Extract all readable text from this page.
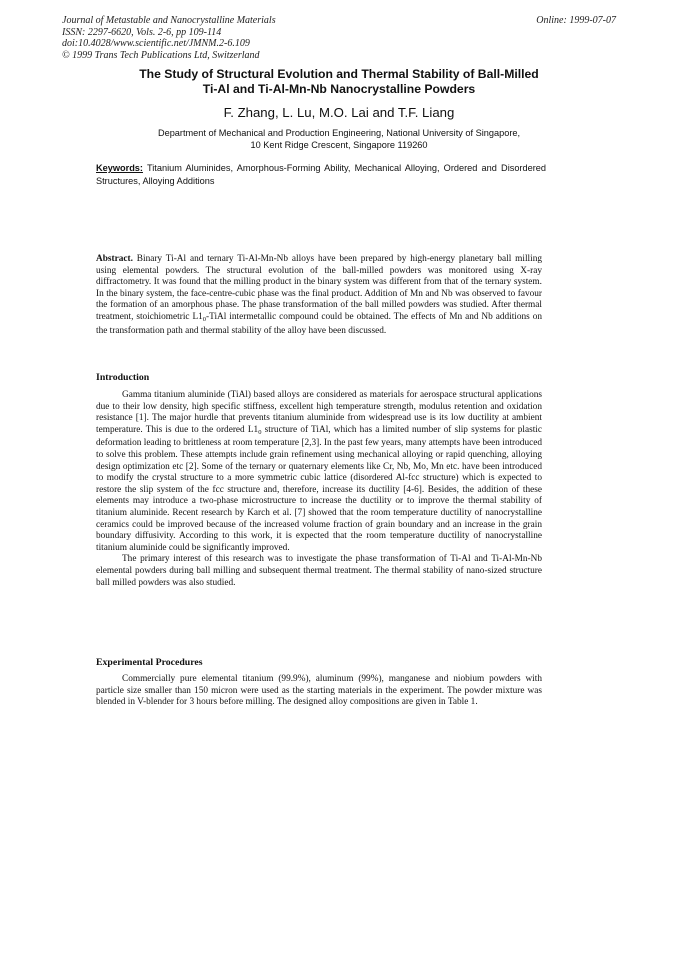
Journal of Metastable and Nanocrystalline Materials
ISSN: 2297-6620, Vols. 2-6, pp 109-114
doi:10.4028/www.scientific.net/JMNM.2-6.109
© 1999 Trans Tech Publications Ltd, Switzerland
Online: 1999-07-07
The Study of Structural Evolution and Thermal Stability of Ball-Milled
Ti-Al and Ti-Al-Mn-Nb Nanocrystalline Powders
F. Zhang, L. Lu, M.O. Lai and T.F. Liang
Department of Mechanical and Production Engineering, National University of Singapore,
10 Kent Ridge Crescent, Singapore 119260
Keywords: Titanium Aluminides, Amorphous-Forming Ability, Mechanical Alloying, Ordered and Disordered Structures, Alloying Additions
Abstract. Binary Ti-Al and ternary Ti-Al-Mn-Nb alloys have been prepared by high-energy planetary ball milling using elemental powders. The structural evolution of the ball-milled powders was monitored using X-ray diffractometry. It was found that the milling product in the binary system was different from that of the ternary system. In the binary system, the face-centre-cubic phase was the final product. Addition of Mn and Nb was observed to favour the formation of an amorphous phase. The phase transformation of the ball milled powders was studied. After thermal treatment, stoichiometric $L1_0$-TiAl intermetallic compound could be obtained. The effects of Mn and Nb additions on the transformation path and thermal stability of the alloy have been discussed.
Introduction

Gamma titanium aluminide (TiAl) based alloys are considered as materials for aerospace structural applications due to their low density, high specific stiffness, excellent high temperature strength, modulus retention and oxidation resistance [1]. The major hurdle that prevents titanium aluminide from widespread use is its low ductility at ambient temperature. This is due to the ordered $L1_0$ structure of TiAl, which has a limited number of slip systems for plastic deformation leading to brittleness at room temperature [2,3]. In the past few years, many attempts have been introduced to solve this problem. These attempts include grain refinement using mechanical alloying or rapid quenching, alloying design optimization etc [2]. Some of the ternary or quaternary elements like Cr, Nb, Mo, Mn etc. have been introduced to modify the crystal structure to a more symmetric cubic lattice (disordered Al-fcc structure) which is expected to restore the slip system of the fcc structure and, therefore, increase its ductility [4-6]. Besides, the addition of these elements may introduce a two-phase microstructure to increase the ductility or to improve the thermal stability of titanium aluminide. Recent research by Karch et al. [7] showed that the room temperature ductility of nanocrystalline ceramics could be improved because of the increased volume fraction of grain boundary and an increase in the grain boundary diffusivity. According to this work, it is expected that the room temperature ductility of nanocrystalline titanium aluminide could be significantly improved.

The primary interest of this research was to investigate the phase transformation of Ti-Al and Ti-Al-Mn-Nb elemental powders during ball milling and subsequent thermal treatment. The thermal stability of nano-sized structure ball milled powders was also studied.

Experimental Procedures

Commercially pure elemental titanium (99.9%), aluminum (99%), manganese and niobium powders with particle size smaller than 150 micron were used as the starting materials in the experiment. The powder mixture was blended in V-blender for 3 hours before milling. The designed alloy compositions are given in Table 1.
